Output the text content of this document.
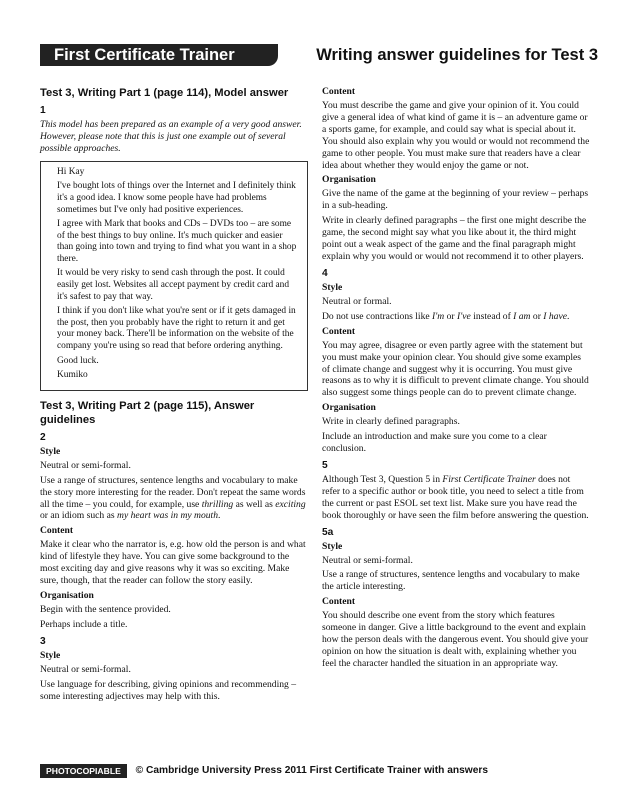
First Certificate Trainer	Writing answer guidelines for Test 3
Test 3, Writing Part 1 (page 114), Model answer
1

This model has been prepared as an example of a very good answer. However, please note that this is just one example out of several possible approaches.

Hi Kay

I've bought lots of things over the Internet and I definitely think it's a good idea. I know some people have had problems sometimes but I've only had positive experiences.

I agree with Mark that books and CDs – DVDs too – are some of the best things to buy online. It's much quicker and easier than going into town and trying to find what you want in a shop there.

It would be very risky to send cash through the post. It could easily get lost. Websites all accept payment by credit card and it's safest to pay that way.

I think if you don't like what you're sent or if it gets damaged in the post, then you probably have the right to return it and get your money back. There'll be information on the website of the company you're using so read that before ordering anything.

Good luck.

Kumiko

Test 3, Writing Part 2 (page 115), Answer guidelines
2
Style

Neutral or semi-formal.

Use a range of structures, sentence lengths and vocabulary to make the story more interesting for the reader. Don't repeat the same words all the time – you could, for example, use thrilling as well as exciting or an idiom such as my heart was in my mouth.

Content

Make it clear who the narrator is, e.g. how old the person is and what kind of lifestyle they have. You can give some background to the most exciting day and give reasons why it was so exciting. Make sure, though, that the reader can follow the story easily.

Organisation

Begin with the sentence provided.

Perhaps include a title.

3
Style

Neutral or semi-formal.

Use language for describing, giving opinions and recommending – some interesting adjectives may help with this.

Content

You must describe the game and give your opinion of it. You could give a general idea of what kind of game it is – an adventure game or a sports game, for example, and could say what is special about it. You should also explain why you would or would not recommend the game to other people. You must make sure that readers have a clear idea about whether they would enjoy the game or not.

Organisation

Give the name of the game at the beginning of your review – perhaps in a sub-heading.

Write in clearly defined paragraphs – the first one might describe the game, the second might say what you like about it, the third might point out a weak aspect of the game and the final paragraph might explain why you would or would not recommend it to other players.

4
Style

Neutral or formal.

Do not use contractions like I'm or I've instead of I am or I have.

Content

You may agree, disagree or even partly agree with the statement but you must make your opinion clear. You should give some examples of climate change and suggest why it is occurring. You must give reasons as to why it is difficult to prevent climate change. You should also suggest some things people can do to prevent climate change.

Organisation

Write in clearly defined paragraphs.

Include an introduction and make sure you come to a clear conclusion.

5

Although Test 3, Question 5 in First Certificate Trainer does not refer to a specific author or book title, you need to select a title from the current or past ESOL set text list. Make sure you have read the book thoroughly or have seen the film before answering the question.

5a
Style

Neutral or semi-formal.

Use a range of structures, sentence lengths and vocabulary to make the article interesting.

Content

You should describe one event from the story which features someone in danger. Give a little background to the event and explain how the person deals with the dangerous event. You should give your opinion on how the situation is dealt with, explaining whether you feel the character handled the situation in an appropriate way.

PHOTOCOPIABLE © Cambridge University Press 2011 First Certificate Trainer with answers
